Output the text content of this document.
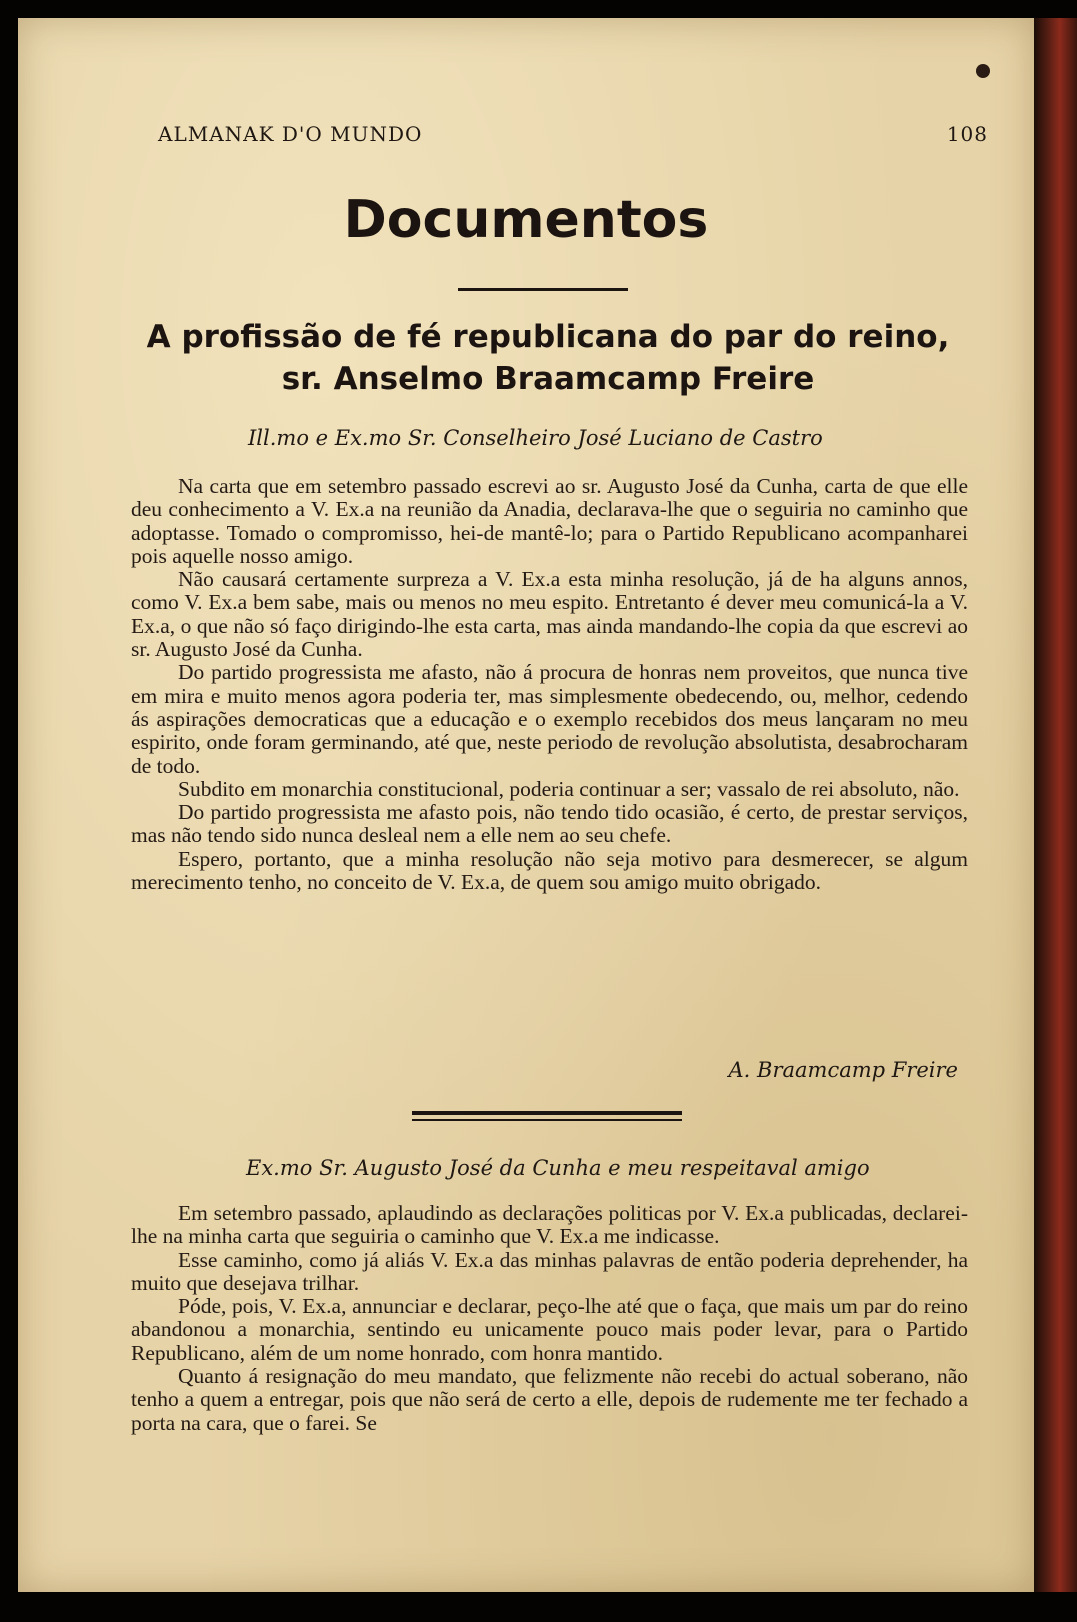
ALMANAK D'O MUNDO	108
Documentos
A profissão de fé republicana do par do reino,
sr. Anselmo Braamcamp Freire
Ill.mo e Ex.mo Sr. Conselheiro José Luciano de Castro

Na carta que em setembro passado escrevi ao sr. Augusto José da Cunha, carta de que elle deu conhecimento a V. Ex.a na reunião da Anadia, declarava-lhe que o seguiria no caminho que adoptasse. Tomado o compromisso, hei-de mantê-lo; para o Partido Republicano acompanharei pois aquelle nosso amigo.

Não causará certamente surpreza a V. Ex.a esta minha resolução, já de ha alguns annos, como V. Ex.a bem sabe, mais ou menos no meu espito. Entretanto é dever meu comunicá-la a V. Ex.a, o que não só faço dirigindo-lhe esta carta, mas ainda mandando-lhe copia da que escrevi ao sr. Augusto José da Cunha.

Do partido progressista me afasto, não á procura de honras nem proveitos, que nunca tive em mira e muito menos agora poderia ter, mas simplesmente obedecendo, ou, melhor, cedendo ás aspirações democraticas que a educação e o exemplo recebidos dos meus lançaram no meu espirito, onde foram germinando, até que, neste periodo de revolução absolutista, desabrocharam de todo.

Subdito em monarchia constitucional, poderia continuar a ser; vassalo de rei absoluto, não.

Do partido progressista me afasto pois, não tendo tido ocasião, é certo, de prestar serviços, mas não tendo sido nunca desleal nem a elle nem ao seu chefe.

Espero, portanto, que a minha resolução não seja motivo para desmerecer, se algum merecimento tenho, no conceito de V. Ex.a, de quem sou amigo muito obrigado.

A. Braamcamp Freire
Ex.mo Sr. Augusto José da Cunha e meu respeitaval amigo

Em setembro passado, aplaudindo as declarações politicas por V. Ex.a publicadas, declarei-lhe na minha carta que seguiria o caminho que V. Ex.a me indicasse.

Esse caminho, como já aliás V. Ex.a das minhas palavras de então poderia deprehender, ha muito que desejava trilhar.

Póde, pois, V. Ex.a, annunciar e declarar, peço-lhe até que o faça, que mais um par do reino abandonou a monarchia, sentindo eu unicamente pouco mais poder levar, para o Partido Republicano, além de um nome honrado, com honra mantido.

Quanto á resignação do meu mandato, que felizmente não recebi do actual soberano, não tenho a quem a entregar, pois que não será de certo a elle, depois de rudemente me ter fechado a porta na cara, que o farei. Se
